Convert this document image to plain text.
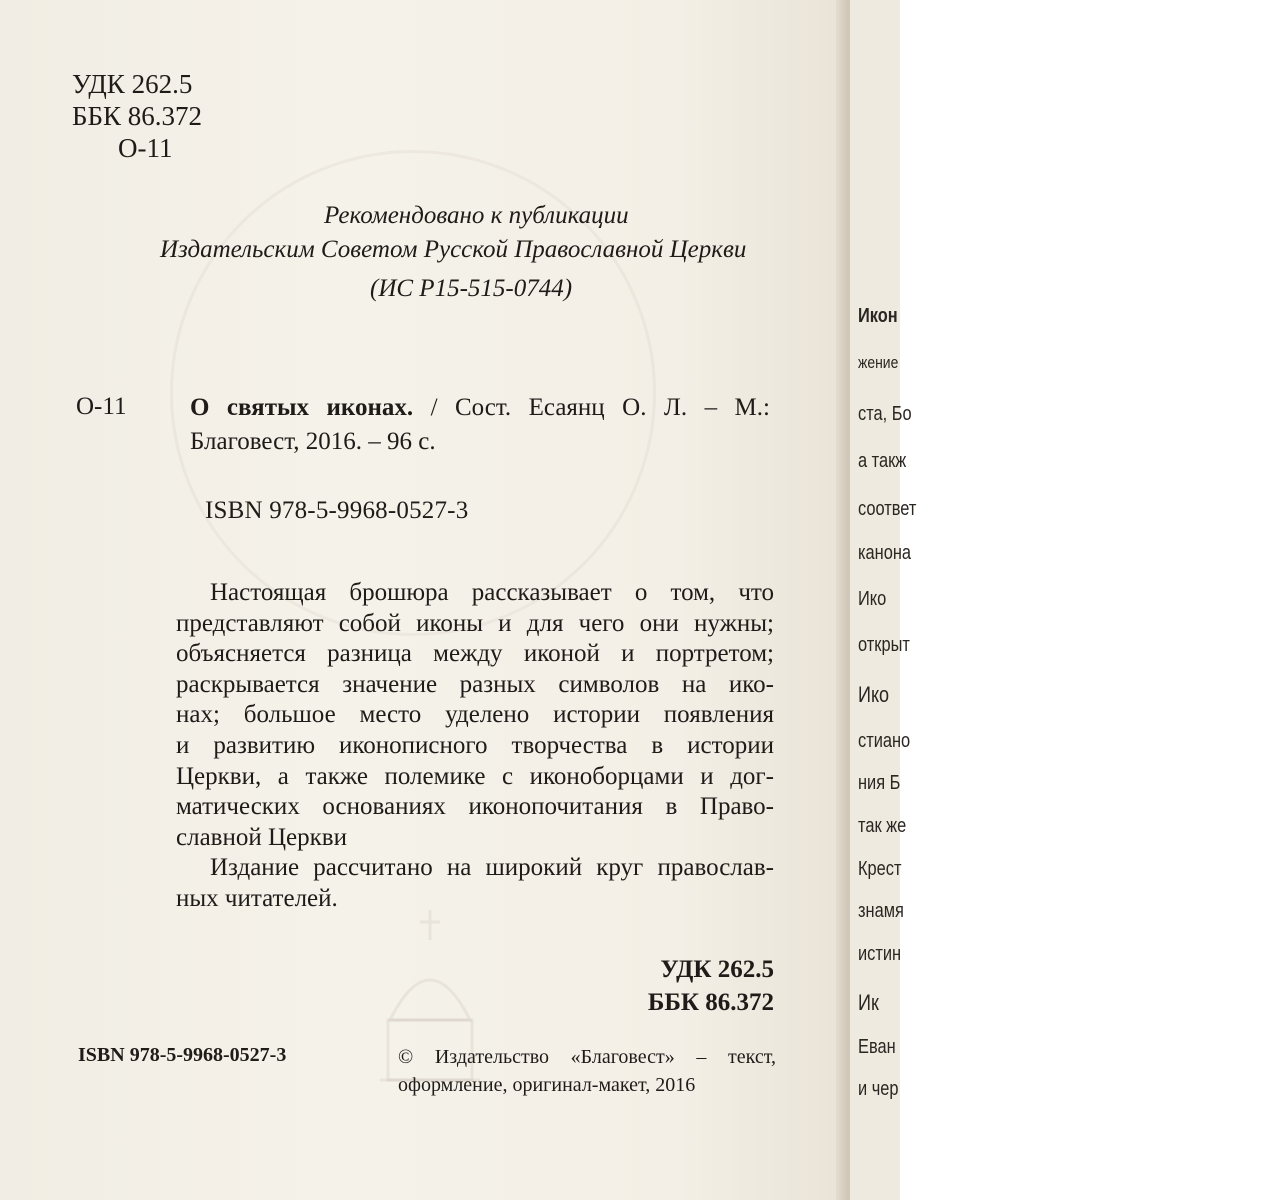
УДК 262.5
ББК 86.372
О-11
Рекомендовано к публикации
Издательским Советом Русской Православной Церкви
(ИС Р15-515-0744)
О-11	О святых иконах. / Сост. Есаянц О. Л. – М.:
Благовест, 2016. – 96 с.
ISBN 978-5-9968-0527-3

Настоящая брошюра рассказывает о том, что
представляют собой иконы и для чего они нужны;
объясняется разница между иконой и портретом;
раскрывается значение разных символов на ико-
нах; большое место уделено истории появления
и развитию иконописного творчества в истории
Церкви, а также полемике с иконоборцами и дог-
матических основаниях иконопочитания в Право-
славной Церкви

Издание рассчитано на широкий круг православ-
ных читателей.

УДК 262.5
ББК 86.372
ISBN 978-5-9968-0527-3	© Издательство «Благовест» – текст,
оформление, оригинал-макет, 2016
Икон
жение
ста, Бо
а такж
соответ
канона
Ико
открыт
Ико
стиано
ния Б
так же
Крест
знамя
истин
Ик
Еван
и чер
